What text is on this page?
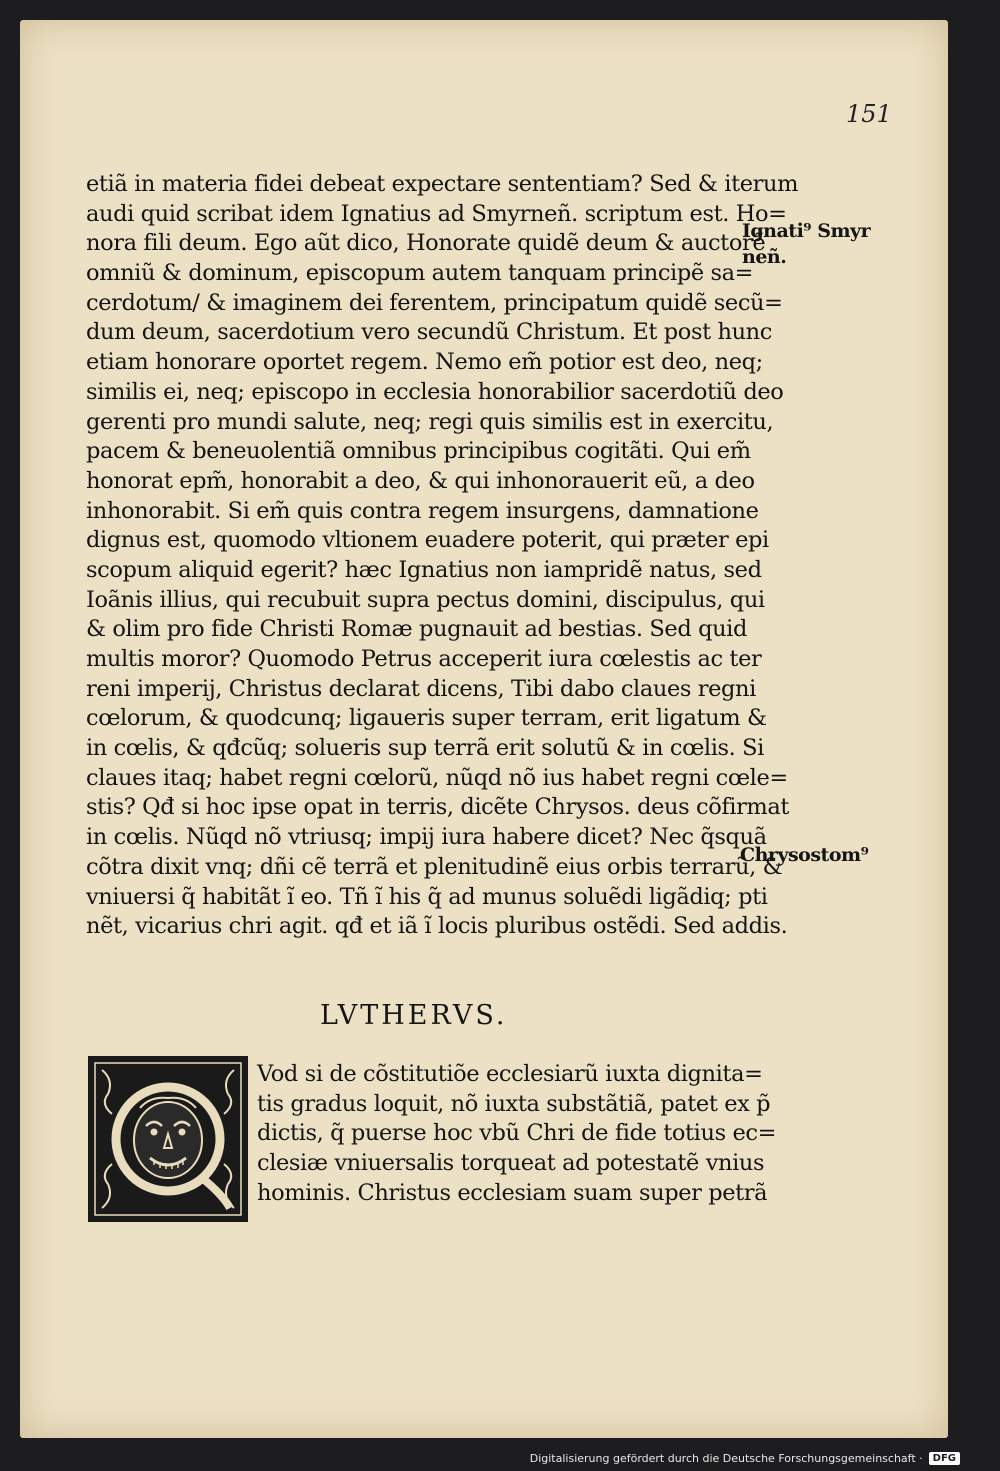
151
etiã in materia fidei debeat expectare sententiam? Sed & iterum
audi quid scribat idem Ignatius ad Smyrneñ. scriptum est. Ho=
nora fili deum. Ego aũt dico, Honorate quidẽ deum & auctorẽ
omniũ & dominum, episcopum autem tanquam principẽ sa=
cerdotum/ & imaginem dei ferentem, principatum quidẽ secũ=
dum deum, sacerdotium vero secundũ Christum. Et post hunc
etiam honorare oportet regem. Nemo em̃ potior est deo, neq;
similis ei, neq; episcopo in ecclesia honorabilior sacerdotiũ deo
gerenti pro mundi salute, neq; regi quis similis est in exercitu,
pacem & beneuolentiã omnibus principibus cogitãti. Qui em̃
honorat epm̃, honorabit a deo, & qui inhonorauerit eũ, a deo
inhonorabit. Si em̃ quis contra regem insurgens, damnatione
dignus est, quomodo vltionem euadere poterit, qui præter epi
scopum aliquid egerit? hæc Ignatius non iampridẽ natus, sed
Ioãnis illius, qui recubuit supra pectus domini, discipulus, qui
& olim pro fide Christi Romæ pugnauit ad bestias. Sed quid
multis moror? Quomodo Petrus acceperit iura cœlestis ac ter
reni imperij, Christus declarat dicens, Tibi dabo claues regni
cœlorum, & quodcunq; ligaueris super terram, erit ligatum &
in cœlis, & qđcũq; solueris sup terrã erit solutũ & in cœlis. Si
claues itaq; habet regni cœlorũ, nũqd nõ ius habet regni cœle=
stis? Qđ si hoc ipse opat in terris, dicẽte Chrysos. deus cõfirmat
in cœlis. Nũqd nõ vtriusq; impij iura habere dicet? Nec q̃squã
cõtra dixit vnq; dñi cẽ terrã et plenitudinẽ eius orbis terrarũ, &
vniuersi q̃ habitãt ĩ eo. Tñ ĩ his q̃ ad munus soluẽdi ligãdiq; pti
nẽt, vicarius chri agit. qđ et iã ĩ locis pluribus ostẽdi. Sed addis.
Ignati⁹ Smyr
neñ.
Chrysostom⁹
LVTHERVS.
Vod si de cõstitutiõe ecclesiarũ iuxta dignita=
tis gradus loquit, nõ iuxta substãtiã, patet ex p̃
dictis, q̃ puerse hoc vbũ Chri de fide totius ec=
clesiæ vniuersalis torqueat ad potestatẽ vnius
hominis. Christus ecclesiam suam super petrã
Digitalisierung gefördert durch die Deutsche Forschungsgemeinschaft ·	DFG
